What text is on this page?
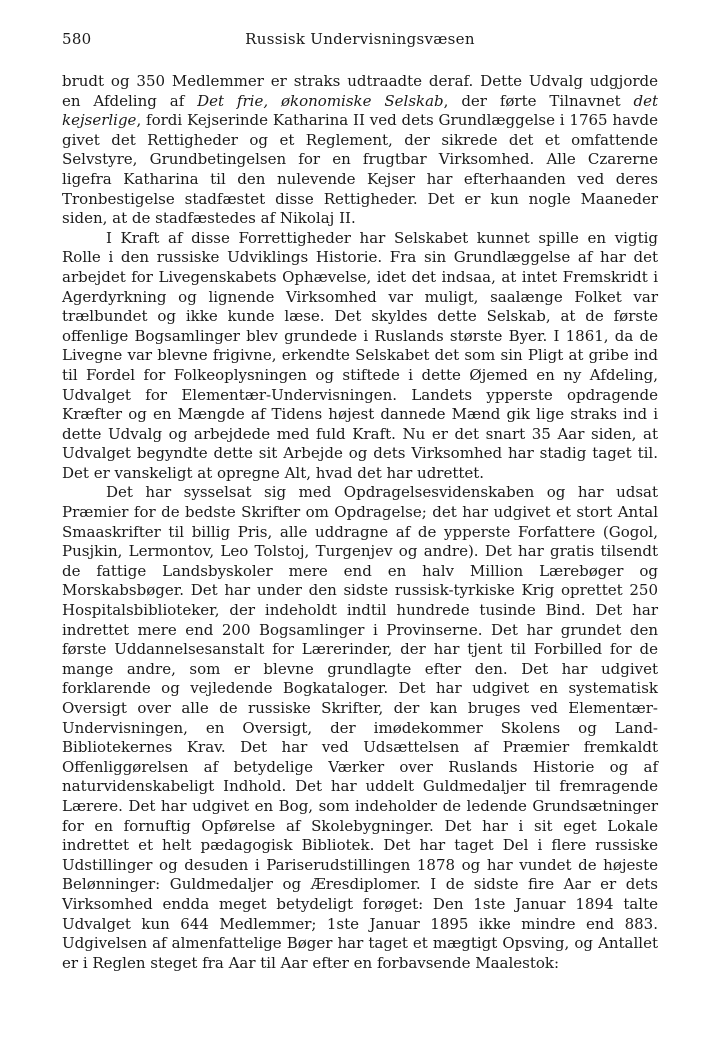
580	Russisk Undervisningsvæsen

brudt og 350 Medlemmer er straks udtraadte deraf. Dette Udvalg udgjorde en Afdeling af Det frie, økonomiske Selskab, der førte Tilnavnet det kejserlige, fordi Kejserinde Katharina II ved dets Grundlæggelse i 1765 havde givet det Rettigheder og et Reglement, der sikrede det et omfattende Selvstyre, Grundbetingelsen for en frugtbar Virksomhed. Alle Czarerne ligefra Katharina til den nulevende Kejser har efterhaanden ved deres Tronbestigelse stadfæstet disse Rettigheder. Det er kun nogle Maaneder siden, at de stadfæstedes af Nikolaj II.

I Kraft af disse Forrettigheder har Selskabet kunnet spille en vigtig Rolle i den russiske Udviklings Historie. Fra sin Grundlæggelse af har det arbejdet for Livegenskabets Ophævelse, idet det indsaa, at intet Fremskridt i Agerdyrkning og lignende Virksomhed var muligt, saalænge Folket var trælbundet og ikke kunde læse. Det skyldes dette Selskab, at de første offenlige Bogsamlinger blev grundede i Ruslands største Byer. I 1861, da de Livegne var blevne frigivne, erkendte Selskabet det som sin Pligt at gribe ind til Fordel for Folkeoplysningen og stiftede i dette Øjemed en ny Afdeling, Udvalget for Elementær-Undervisningen. Landets ypperste opdragende Kræfter og en Mængde af Tidens højest dannede Mænd gik lige straks ind i dette Udvalg og arbejdede med fuld Kraft. Nu er det snart 35 Aar siden, at Udvalget begyndte dette sit Arbejde og dets Virksomhed har stadig taget til. Det er vanskeligt at opregne Alt, hvad det har udrettet.

Det har sysselsat sig med Opdragelsesvidenskaben og har udsat Præmier for de bedste Skrifter om Opdragelse; det har udgivet et stort Antal Smaaskrifter til billig Pris, alle uddragne af de ypperste Forfattere (Gogol, Pusjkin, Lermontov, Leo Tolstoj, Turgenjev og andre). Det har gratis tilsendt de fattige Landsbyskoler mere end en halv Million Lærebøger og Morskabsbøger. Det har under den sidste russisk-tyrkiske Krig oprettet 250 Hospitalsbiblioteker, der indeholdt indtil hundrede tusinde Bind. Det har indrettet mere end 200 Bogsamlinger i Provinserne. Det har grundet den første Uddannelsesanstalt for Lærerinder, der har tjent til Forbilled for de mange andre, som er blevne grundlagte efter den. Det har udgivet forklarende og vejledende Bogkataloger. Det har udgivet en systematisk Oversigt over alle de russiske Skrifter, der kan bruges ved Elementær-Undervisningen, en Oversigt, der imødekommer Skolens og Land-Bibliotekernes Krav. Det har ved Udsættelsen af Præmier fremkaldt Offenliggørelsen af betydelige Værker over Ruslands Historie og af naturvidenskabeligt Indhold. Det har uddelt Guldmedaljer til fremragende Lærere. Det har udgivet en Bog, som indeholder de ledende Grundsætninger for en fornuftig Opførelse af Skolebygninger. Det har i sit eget Lokale indrettet et helt pædagogisk Bibliotek. Det har taget Del i flere russiske Udstillinger og desuden i Pariserudstillingen 1878 og har vundet de højeste Belønninger: Guldmedaljer og Æresdiplomer. I de sidste fire Aar er dets Virksomhed endda meget betydeligt forøget: Den 1ste Januar 1894 talte Udvalget kun 644 Medlemmer; 1ste Januar 1895 ikke mindre end 883. Udgivelsen af almenfattelige Bøger har taget et mægtigt Opsving, og Antallet er i Reglen steget fra Aar til Aar efter en forbavsende Maalestok:
